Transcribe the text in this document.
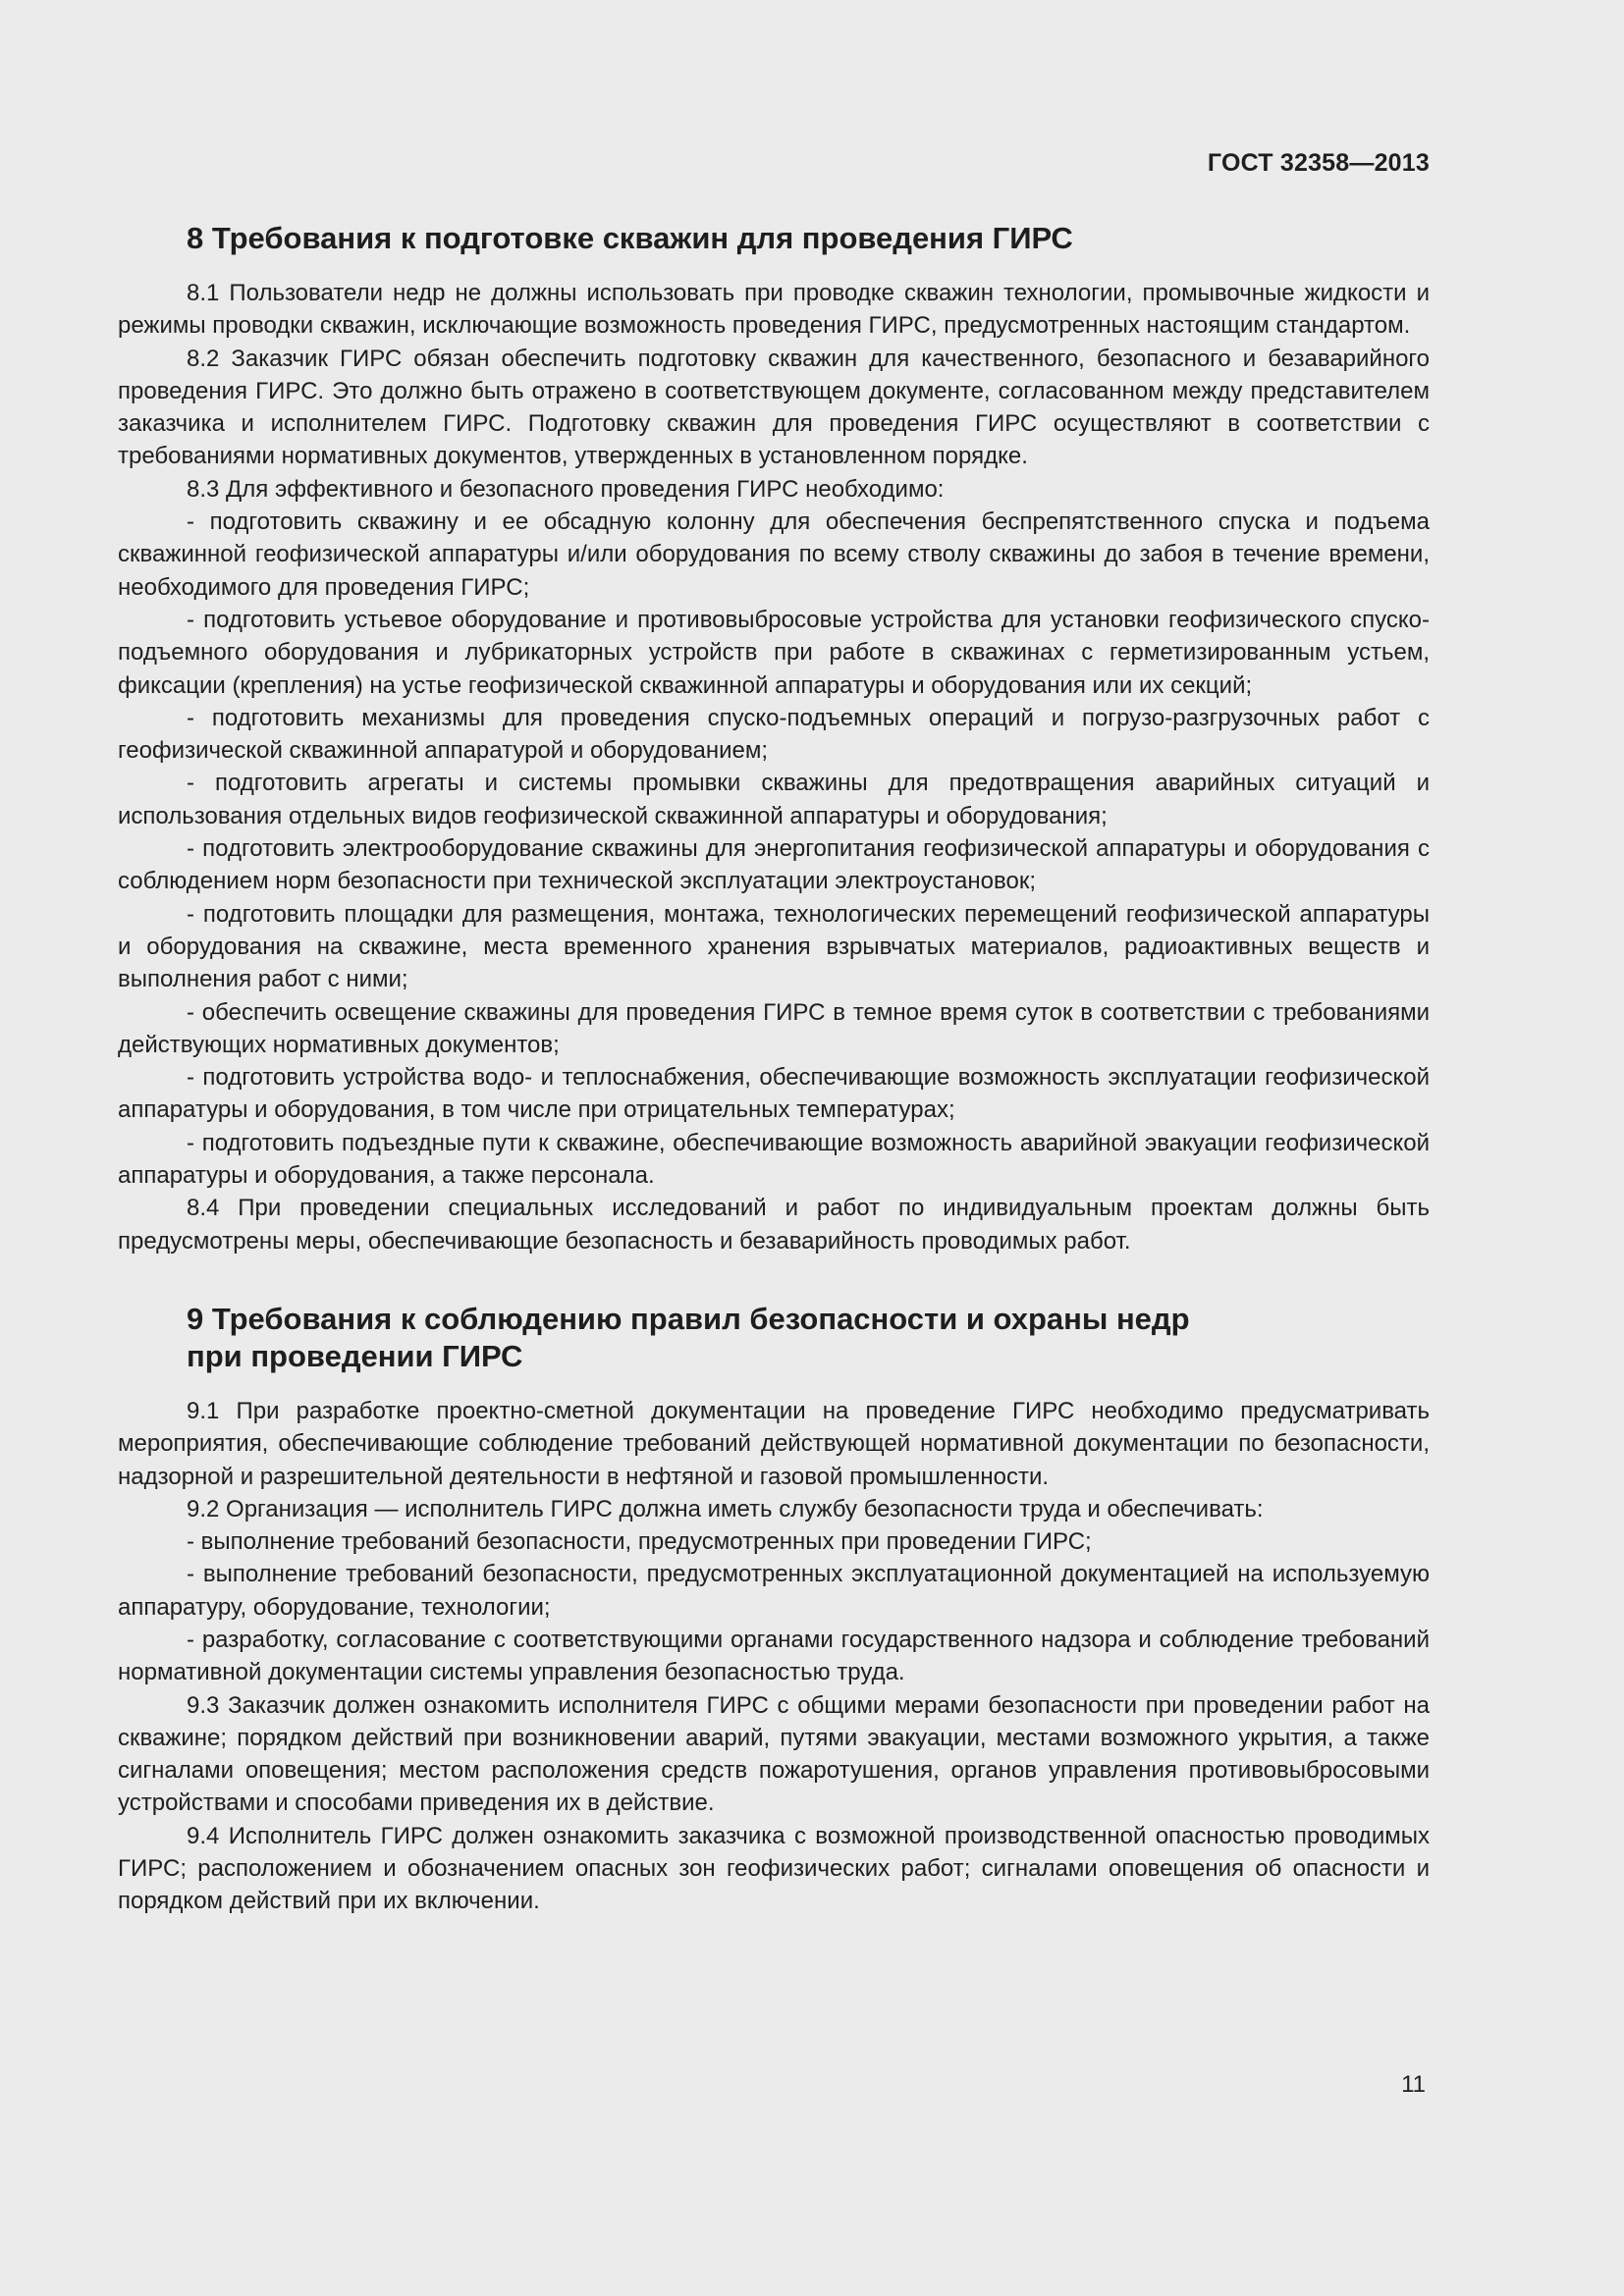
ГОСТ 32358—2013
8 Требования к подготовке скважин для проведения ГИРС

8.1 Пользователи недр не должны использовать при проводке скважин технологии, промывочные жидкости и режимы проводки скважин, исключающие возможность проведения ГИРС, предусмотренных настоящим стандартом.

8.2 Заказчик ГИРС обязан обеспечить подготовку скважин для качественного, безопасного и безаварийного проведения ГИРС. Это должно быть отражено в соответствующем документе, согласованном между представителем заказчика и исполнителем ГИРС. Подготовку скважин для проведения ГИРС осуществляют в соответствии с требованиями нормативных документов, утвержденных в установленном порядке.

8.3 Для эффективного и безопасного проведения ГИРС необходимо:

- подготовить скважину и ее обсадную колонну для обеспечения беспрепятственного спуска и подъема скважинной геофизической аппаратуры и/или оборудования по всему стволу скважины до забоя в течение времени, необходимого для проведения ГИРС;

- подготовить устьевое оборудование и противовыбросовые устройства для установки геофизического спуско-подъемного оборудования и лубрикаторных устройств при работе в скважинах с герметизированным устьем, фиксации (крепления) на устье геофизической скважинной аппаратуры и оборудования или их секций;

- подготовить механизмы для проведения спуско-подъемных операций и погрузо-разгрузочных работ с геофизической скважинной аппаратурой и оборудованием;

- подготовить агрегаты и системы промывки скважины для предотвращения аварийных ситуаций и использования отдельных видов геофизической скважинной аппаратуры и оборудования;

- подготовить электрооборудование скважины для энергопитания геофизической аппаратуры и оборудования с соблюдением норм безопасности при технической эксплуатации электроустановок;

- подготовить площадки для размещения, монтажа, технологических перемещений геофизической аппаратуры и оборудования на скважине, места временного хранения взрывчатых материалов, радиоактивных веществ и выполнения работ с ними;

- обеспечить освещение скважины для проведения ГИРС в темное время суток в соответствии с требованиями действующих нормативных документов;

- подготовить устройства водо- и теплоснабжения, обеспечивающие возможность эксплуатации геофизической аппаратуры и оборудования, в том числе при отрицательных температурах;

- подготовить подъездные пути к скважине, обеспечивающие возможность аварийной эвакуации геофизической аппаратуры и оборудования, а также персонала.

8.4 При проведении специальных исследований и работ по индивидуальным проектам должны быть предусмотрены меры, обеспечивающие безопасность и безаварийность проводимых работ.

9 Требования к соблюдению правил безопасности и охраны недр
при проведении ГИРС

9.1 При разработке проектно-сметной документации на проведение ГИРС необходимо предусматривать мероприятия, обеспечивающие соблюдение требований действующей нормативной документации по безопасности, надзорной и разрешительной деятельности в нефтяной и газовой промышленности.

9.2 Организация — исполнитель ГИРС должна иметь службу безопасности труда и обеспечивать:

- выполнение требований безопасности, предусмотренных при проведении ГИРС;

- выполнение требований безопасности, предусмотренных эксплуатационной документацией на используемую аппаратуру, оборудование, технологии;

- разработку, согласование с соответствующими органами государственного надзора и соблюдение требований нормативной документации системы управления безопасностью труда.

9.3 Заказчик должен ознакомить исполнителя ГИРС с общими мерами безопасности при проведении работ на скважине; порядком действий при возникновении аварий, путями эвакуации, местами возможного укрытия, а также сигналами оповещения; местом расположения средств пожаротушения, органов управления противовыбросовыми устройствами и способами приведения их в действие.

9.4 Исполнитель ГИРС должен ознакомить заказчика с возможной производственной опасностью проводимых ГИРС; расположением и обозначением опасных зон геофизических работ; сигналами оповещения об опасности и порядком действий при их включении.

11
